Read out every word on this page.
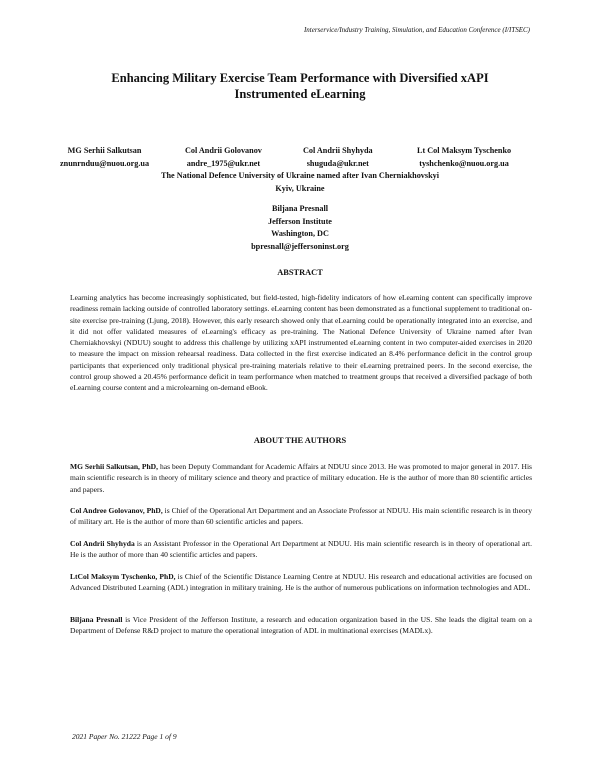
Interservice/Industry Training, Simulation, and Education Conference (I/ITSEC)
Enhancing Military Exercise Team Performance with Diversified xAPI
Instrumented eLearning
MG Serhii Salkutsan
znunrnduu@nuou.org.ua
Col Andrii Golovanov
andre_1975@ukr.net
Col Andrii Shyhyda
shuguda@ukr.net
Lt Col Maksym Tyschenko
tyshchenko@nuou.org.ua
The National Defence University of Ukraine named after Ivan Cherniakhovskyi
Kyiv, Ukraine
Biljana Presnall
Jefferson Institute
Washington, DC
bpresnall@jeffersoninst.org
ABSTRACT

Learning analytics has become increasingly sophisticated, but field-tested, high-fidelity indicators of how eLearning content can specifically improve readiness remain lacking outside of controlled laboratory settings. eLearning content has been demonstrated as a functional supplement to traditional on-site exercise pre-training (Ljung, 2018). However, this early research showed only that eLearning could be operationally integrated into an exercise, and it did not offer validated measures of eLearning's efficacy as pre-training. The National Defence University of Ukraine named after Ivan Cherniakhovskyi (NDUU) sought to address this challenge by utilizing xAPI instrumented eLearning content in two computer-aided exercises in 2020 to measure the impact on mission rehearsal readiness. Data collected in the first exercise indicated an 8.4% performance deficit in the control group participants that experienced only traditional physical pre-training materials relative to their eLearning pretrained peers. In the second exercise, the control group showed a 20.45% performance deficit in team performance when matched to treatment groups that received a diversified package of both eLearning course content and a microlearning on-demand eBook.

ABOUT THE AUTHORS

MG Serhii Salkutsan, PhD, has been Deputy Commandant for Academic Affairs at NDUU since 2013. He was promoted to major general in 2017. His main scientific research is in theory of military science and theory and practice of military education. He is the author of more than 80 scientific articles and papers.

Col Andree Golovanov, PhD, is Chief of the Operational Art Department and an Associate Professor at NDUU. His main scientific research is in theory of military art. He is the author of more than 60 scientific articles and papers.

Col Andrii Shyhyda is an Assistant Professor in the Operational Art Department at NDUU. His main scientific research is in theory of operational art. He is the author of more than 40 scientific articles and papers.

LtCol Maksym Tyschenko, PhD, is Chief of the Scientific Distance Learning Centre at NDUU. His research and educational activities are focused on Advanced Distributed Learning (ADL) integration in military training. He is the author of numerous publications on information technologies and ADL.

Biljana Presnall is Vice President of the Jefferson Institute, a research and education organization based in the US. She leads the digital team on a Department of Defense R&D project to mature the operational integration of ADL in multinational exercises (MADLx).

2021 Paper No. 21222 Page 1 of 9
